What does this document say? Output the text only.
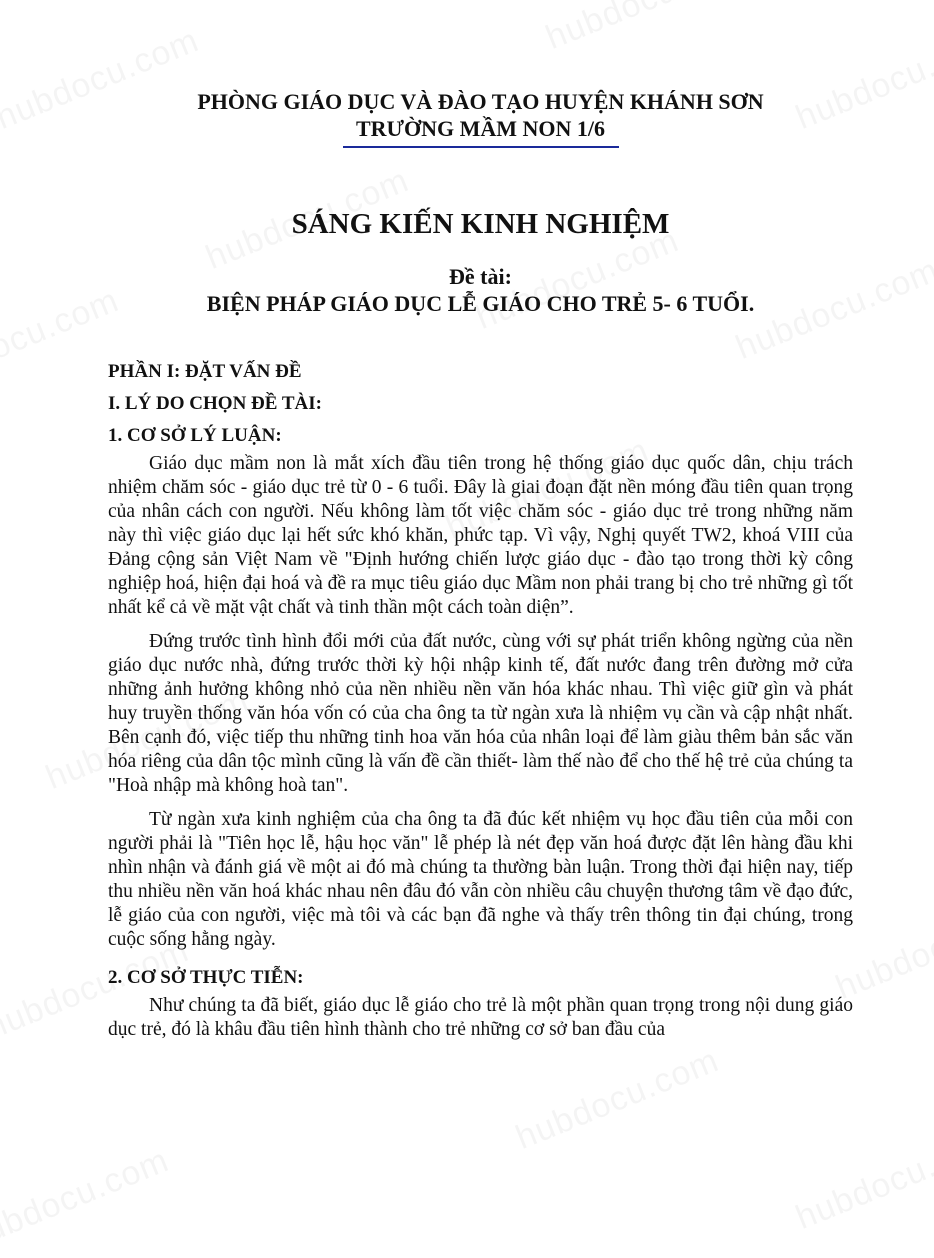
PHÒNG GIÁO DỤC VÀ ĐÀO TẠO HUYỆN KHÁNH SƠN

TRƯỜNG MẦM NON 1/6

SÁNG KIẾN KINH NGHIỆM

Đề tài:

BIỆN PHÁP GIÁO DỤC LỄ GIÁO CHO TRẺ 5- 6 TUỔI.

PHẦN I: ĐẶT VẤN ĐỀ

I. LÝ DO CHỌN ĐỀ TÀI:

1. CƠ SỞ LÝ LUẬN:

Giáo dục mầm non là mắt xích đầu tiên trong hệ thống giáo dục quốc dân, chịu trách nhiệm chăm sóc - giáo dục trẻ từ 0 - 6 tuổi. Đây là giai đoạn đặt nền móng đầu tiên quan trọng của nhân cách con người. Nếu không làm tốt việc chăm sóc - giáo dục trẻ trong những năm này thì việc giáo dục lại hết sức khó khăn, phức tạp. Vì vậy, Nghị quyết TW2, khoá VIII của Đảng cộng sản Việt Nam về "Định hướng chiến lược giáo dục - đào tạo trong thời kỳ công nghiệp hoá, hiện đại hoá và đề ra mục tiêu giáo dục Mầm non phải trang bị cho trẻ những gì tốt nhất kể cả về mặt vật chất và tinh thần một cách toàn diện”.

Đứng trước tình hình đổi mới của đất nước, cùng với sự phát triển không ngừng của nền giáo dục nước nhà, đứng trước thời kỳ hội nhập kinh tế, đất nước đang trên đường mở cửa những ảnh hưởng không nhỏ của nền nhiều nền văn hóa khác nhau. Thì việc giữ gìn và phát huy truyền thống văn hóa vốn có của cha ông ta từ ngàn xưa là nhiệm vụ cần và cập nhật nhất. Bên cạnh đó, việc tiếp thu những tinh hoa văn hóa của nhân loại để làm giàu thêm bản sắc văn hóa riêng của dân tộc mình cũng là vấn đề cần thiết- làm thế nào để cho thế hệ trẻ của chúng ta "Hoà nhập mà không hoà tan".

Từ ngàn xưa kinh nghiệm của cha ông ta đã đúc kết nhiệm vụ học đầu tiên của mỗi con người phải là "Tiên học lễ, hậu học văn" lễ phép là nét đẹp văn hoá được đặt lên hàng đầu khi nhìn nhận và đánh giá về một ai đó mà chúng ta thường bàn luận. Trong thời đại hiện nay, tiếp thu nhiều nền văn hoá khác nhau nên đâu đó vẫn còn nhiều câu chuyện thương tâm về đạo đức, lễ giáo của con người, việc mà tôi và các bạn đã nghe và thấy trên thông tin đại chúng, trong cuộc sống hằng ngày.

2. CƠ SỞ THỰC TIỄN:

Như chúng ta đã biết, giáo dục lễ giáo cho trẻ là một phần quan trọng trong nội dung giáo dục trẻ, đó là khâu đầu tiên hình thành cho trẻ những cơ sở ban đầu của
